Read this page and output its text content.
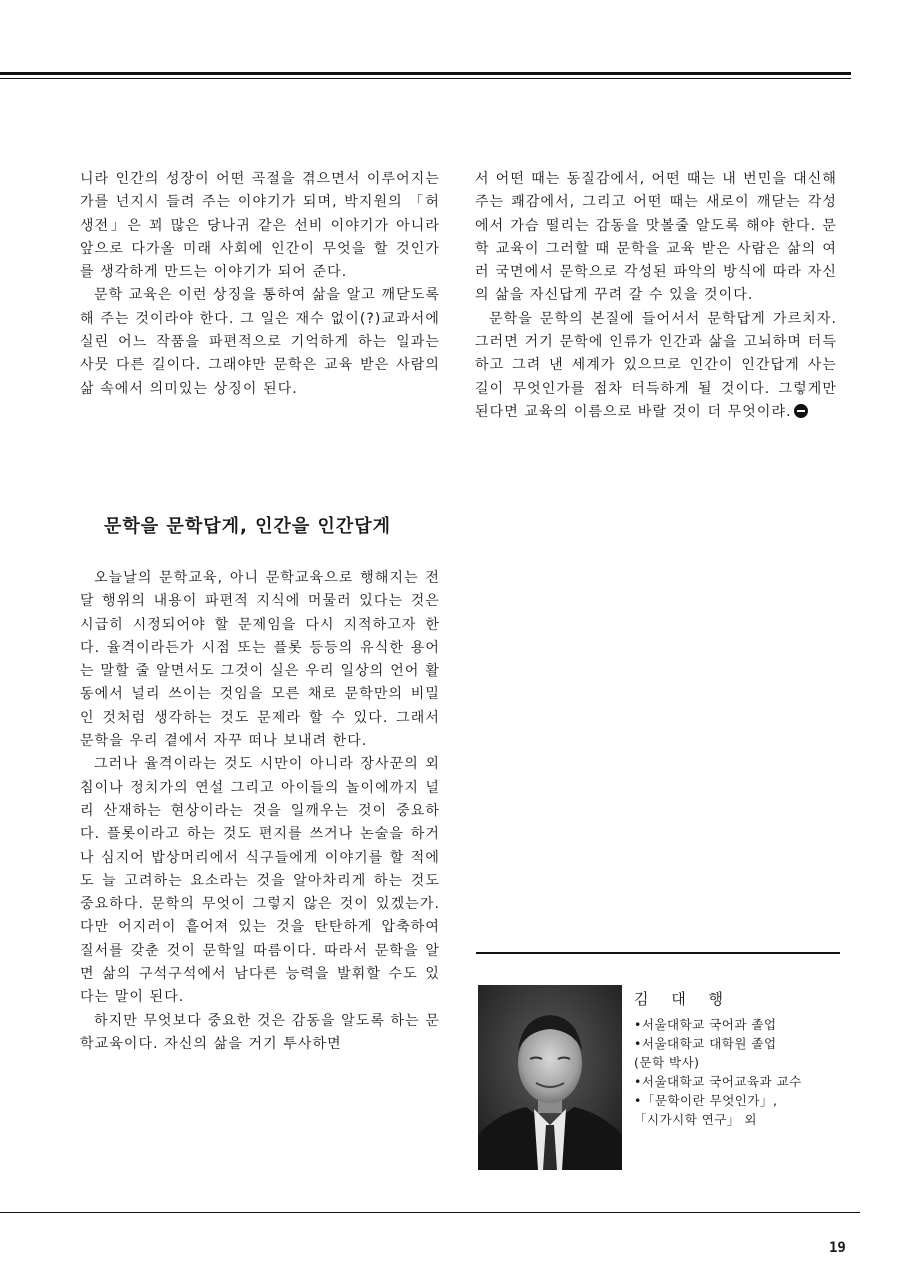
니라 인간의 성장이 어떤 곡절을 겪으면서 이루어지는가를 넌지시 들려 주는 이야기가 되며, 박지원의 「허생전」은 꾀 많은 당나귀 같은 선비 이야기가 아니라 앞으로 다가올 미래 사회에 인간이 무엇을 할 것인가를 생각하게 만드는 이야기가 되어 준다.

문학 교육은 이런 상징을 통하여 삶을 알고 깨닫도록 해 주는 것이라야 한다. 그 일은 재수 없이(?)교과서에 실린 어느 작품을 파편적으로 기억하게 하는 일과는 사뭇 다른 길이다. 그래야만 문학은 교육 받은 사람의 삶 속에서 의미있는 상징이 된다.

문학을 문학답게, 인간을 인간답게

오늘날의 문학교육, 아니 문학교육으로 행해지는 전달 행위의 내용이 파편적 지식에 머물러 있다는 것은 시급히 시정되어야 할 문제임을 다시 지적하고자 한다. 율격이라든가 시점 또는 플롯 등등의 유식한 용어는 말할 줄 알면서도 그것이 실은 우리 일상의 언어 활동에서 널리 쓰이는 것임을 모른 채로 문학만의 비밀인 것처럼 생각하는 것도 문제라 할 수 있다. 그래서 문학을 우리 곁에서 자꾸 떠나 보내려 한다.

그러나 율격이라는 것도 시만이 아니라 장사꾼의 외침이나 정치가의 연설 그리고 아이들의 놀이에까지 널리 산재하는 현상이라는 것을 일깨우는 것이 중요하다. 플롯이라고 하는 것도 편지를 쓰거나 논술을 하거나 심지어 밥상머리에서 식구들에게 이야기를 할 적에도 늘 고려하는 요소라는 것을 알아차리게 하는 것도 중요하다. 문학의 무엇이 그렇지 않은 것이 있겠는가. 다만 어지러이 흩어져 있는 것을 탄탄하게 압축하여 질서를 갖춘 것이 문학일 따름이다. 따라서 문학을 알면 삶의 구석구석에서 남다른 능력을 발휘할 수도 있다는 말이 된다.

하지만 무엇보다 중요한 것은 감동을 알도록 하는 문학교육이다. 자신의 삶을 거기 투사하면

서 어떤 때는 동질감에서, 어떤 때는 내 번민을 대신해 주는 쾌감에서, 그리고 어떤 때는 새로이 깨닫는 각성에서 가슴 떨리는 감동을 맛볼줄 알도록 해야 한다. 문학 교육이 그러할 때 문학을 교육 받은 사람은 삶의 여러 국면에서 문학으로 각성된 파악의 방식에 따라 자신의 삶을 자신답게 꾸려 갈 수 있을 것이다.

문학을 문학의 본질에 들어서서 문학답게 가르치자. 그러면 거기 문학에 인류가 인간과 삶을 고뇌하며 터득하고 그려 낸 세계가 있으므로 인간이 인간답게 사는 길이 무엇인가를 점차 터득하게 될 것이다. 그렇게만 된다면 교육의 이름으로 바랄 것이 더 무엇이랴.

김 대 행
•서울대학교 국어과 졸업
•서울대학교 대학원 졸업
(문학 박사)
•서울대학교 국어교육과 교수
•「문학이란 무엇인가」,
「시가시학 연구」 외
19
